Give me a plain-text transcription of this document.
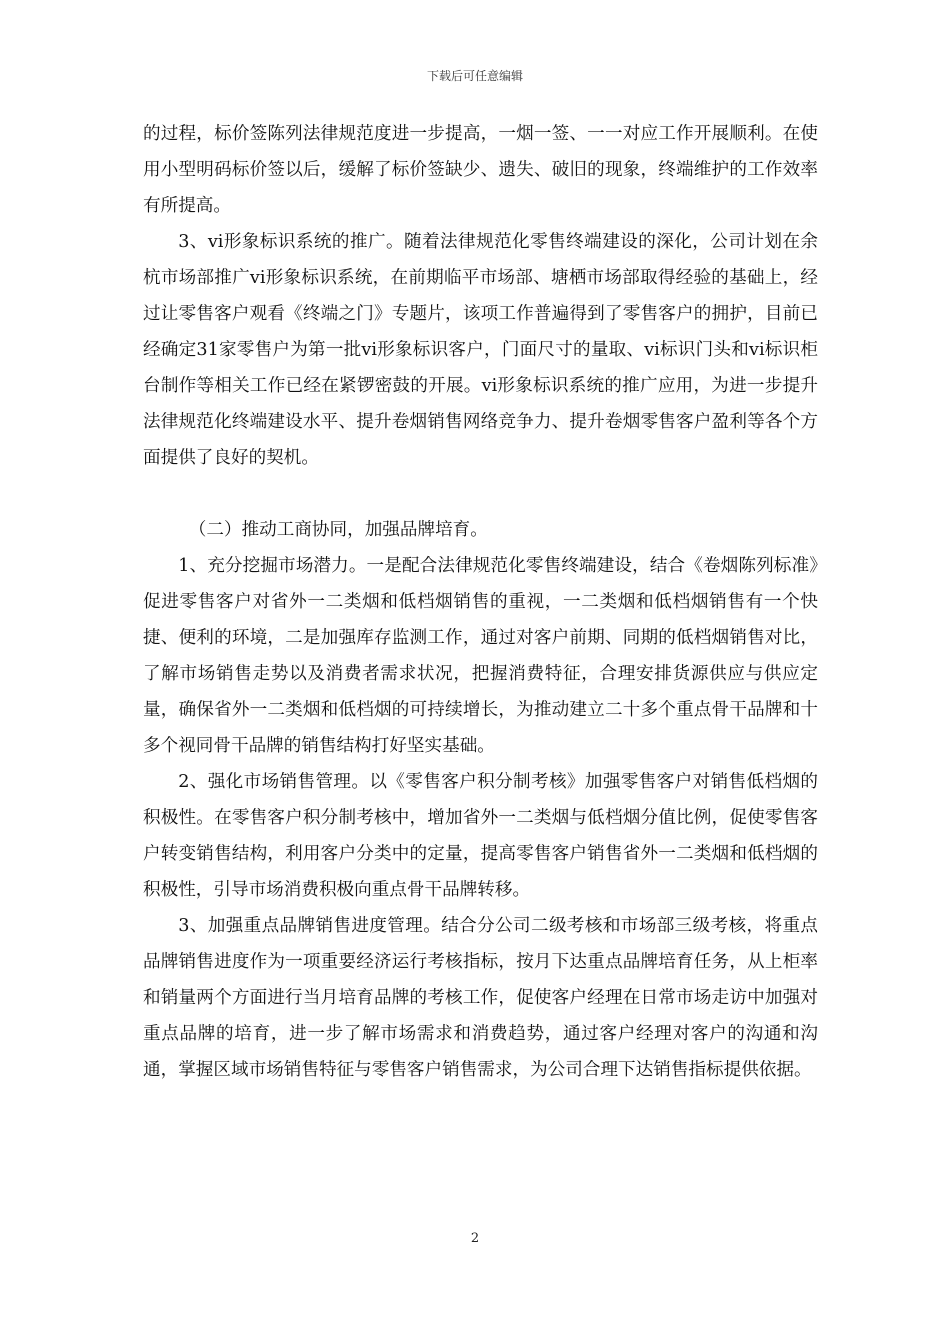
下载后可任意编辑

的过程，标价签陈列法律规范度进一步提高，一烟一签、一一对应工作开展顺利。在使用小型明码标价签以后，缓解了标价签缺少、遗失、破旧的现象，终端维护的工作效率有所提高。

3、vi形象标识系统的推广。随着法律规范化零售终端建设的深化，公司计划在余杭市场部推广vi形象标识系统，在前期临平市场部、塘栖市场部取得经验的基础上，经过让零售客户观看《终端之门》专题片，该项工作普遍得到了零售客户的拥护，目前已经确定31家零售户为第一批vi形象标识客户，门面尺寸的量取、vi标识门头和vi标识柜台制作等相关工作已经在紧锣密鼓的开展。vi形象标识系统的推广应用，为进一步提升法律规范化终端建设水平、提升卷烟销售网络竞争力、提升卷烟零售客户盈利等各个方面提供了良好的契机。

（二）推动工商协同，加强品牌培育。

1、充分挖掘市场潜力。一是配合法律规范化零售终端建设，结合《卷烟陈列标准》促进零售客户对省外一二类烟和低档烟销售的重视，一二类烟和低档烟销售有一个快捷、便利的环境，二是加强库存监测工作，通过对客户前期、同期的低档烟销售对比，了解市场销售走势以及消费者需求状况，把握消费特征，合理安排货源供应与供应定量，确保省外一二类烟和低档烟的可持续增长，为推动建立二十多个重点骨干品牌和十多个视同骨干品牌的销售结构打好坚实基础。

2、强化市场销售管理。以《零售客户积分制考核》加强零售客户对销售低档烟的积极性。在零售客户积分制考核中，增加省外一二类烟与低档烟分值比例，促使零售客户转变销售结构，利用客户分类中的定量，提高零售客户销售省外一二类烟和低档烟的积极性，引导市场消费积极向重点骨干品牌转移。

3、加强重点品牌销售进度管理。结合分公司二级考核和市场部三级考核，将重点品牌销售进度作为一项重要经济运行考核指标，按月下达重点品牌培育任务，从上柜率和销量两个方面进行当月培育品牌的考核工作，促使客户经理在日常市场走访中加强对重点品牌的培育，进一步了解市场需求和消费趋势，通过客户经理对客户的沟通和沟通，掌握区域市场销售特征与零售客户销售需求，为公司合理下达销售指标提供依据。

2
